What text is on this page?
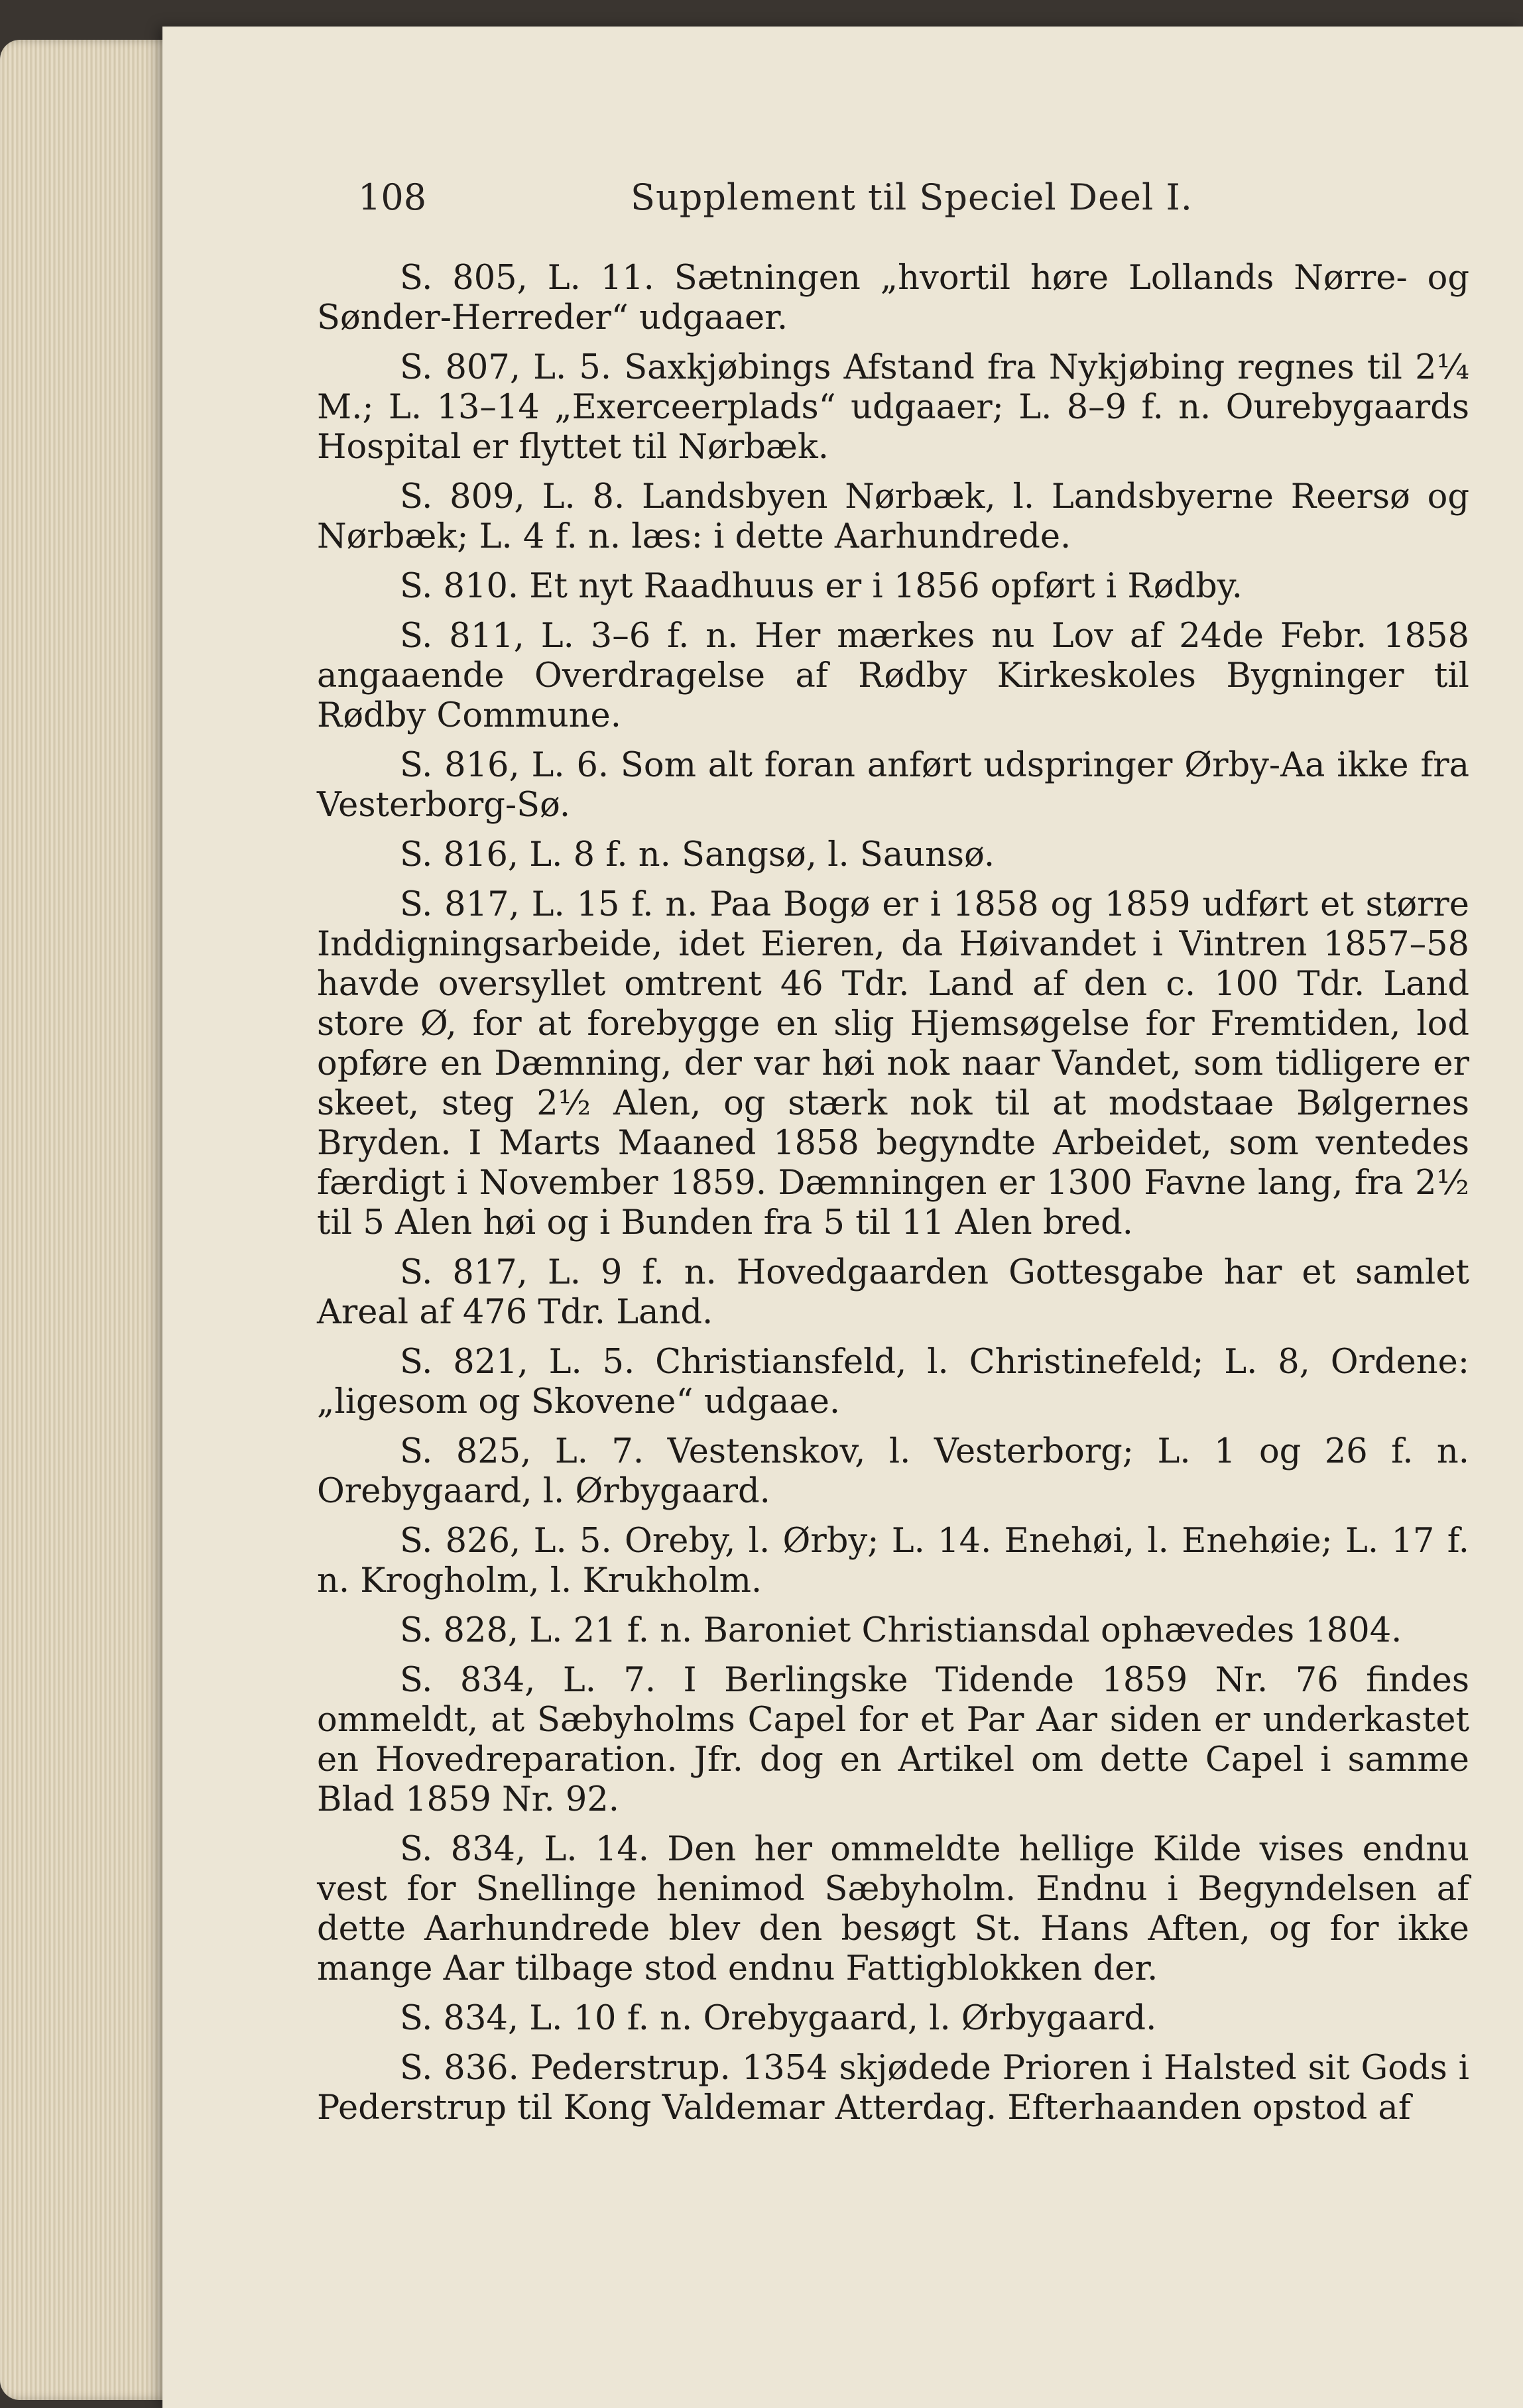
108	Supplement til Speciel Deel I.

S. 805, L. 11. Sætningen „hvortil høre Lollands Nørre- og Sønder-Herreder“ udgaaer.

S. 807, L. 5. Saxkjøbings Afstand fra Nykjøbing regnes til 2¼ M.; L. 13–14 „Exerceerplads“ udgaaer; L. 8–9 f. n. Ourebygaards Hospital er flyttet til Nørbæk.

S. 809, L. 8. Landsbyen Nørbæk, l. Landsbyerne Reersø og Nørbæk; L. 4 f. n. læs: i dette Aarhundrede.

S. 810. Et nyt Raadhuus er i 1856 opført i Rødby.

S. 811, L. 3–6 f. n. Her mærkes nu Lov af 24de Febr. 1858 angaaende Overdragelse af Rødby Kirkeskoles Bygninger til Rødby Commune.

S. 816, L. 6. Som alt foran anført udspringer Ørby-Aa ikke fra Vesterborg-Sø.

S. 816, L. 8 f. n. Sangsø, l. Saunsø.

S. 817, L. 15 f. n. Paa Bogø er i 1858 og 1859 udført et større Inddigningsarbeide, idet Eieren, da Høivandet i Vintren 1857–58 havde oversyllet omtrent 46 Tdr. Land af den c. 100 Tdr. Land store Ø, for at forebygge en slig Hjemsøgelse for Fremtiden, lod opføre en Dæmning, der var høi nok naar Vandet, som tidligere er skeet, steg 2½ Alen, og stærk nok til at modstaae Bølgernes Bryden. I Marts Maaned 1858 begyndte Arbeidet, som ventedes færdigt i November 1859. Dæmningen er 1300 Favne lang, fra 2½ til 5 Alen høi og i Bunden fra 5 til 11 Alen bred.

S. 817, L. 9 f. n. Hovedgaarden Gottesgabe har et samlet Areal af 476 Tdr. Land.

S. 821, L. 5. Christiansfeld, l. Christinefeld; L. 8, Ordene: „ligesom og Skovene“ udgaae.

S. 825, L. 7. Vestenskov, l. Vesterborg; L. 1 og 26 f. n. Orebygaard, l. Ørbygaard.

S. 826, L. 5. Oreby, l. Ørby; L. 14. Enehøi, l. Enehøie; L. 17 f. n. Krogholm, l. Krukholm.

S. 828, L. 21 f. n. Baroniet Christiansdal ophævedes 1804.

S. 834, L. 7. I Berlingske Tidende 1859 Nr. 76 findes ommeldt, at Sæbyholms Capel for et Par Aar siden er underkastet en Hovedreparation. Jfr. dog en Artikel om dette Capel i samme Blad 1859 Nr. 92.

S. 834, L. 14. Den her ommeldte hellige Kilde vises endnu vest for Snellinge henimod Sæbyholm. Endnu i Begyndelsen af dette Aarhundrede blev den besøgt St. Hans Aften, og for ikke mange Aar tilbage stod endnu Fattigblokken der.

S. 834, L. 10 f. n. Orebygaard, l. Ørbygaard.

S. 836. Pederstrup. 1354 skjødede Prioren i Halsted sit Gods i Pederstrup til Kong Valdemar Atterdag. Efterhaanden opstod af
